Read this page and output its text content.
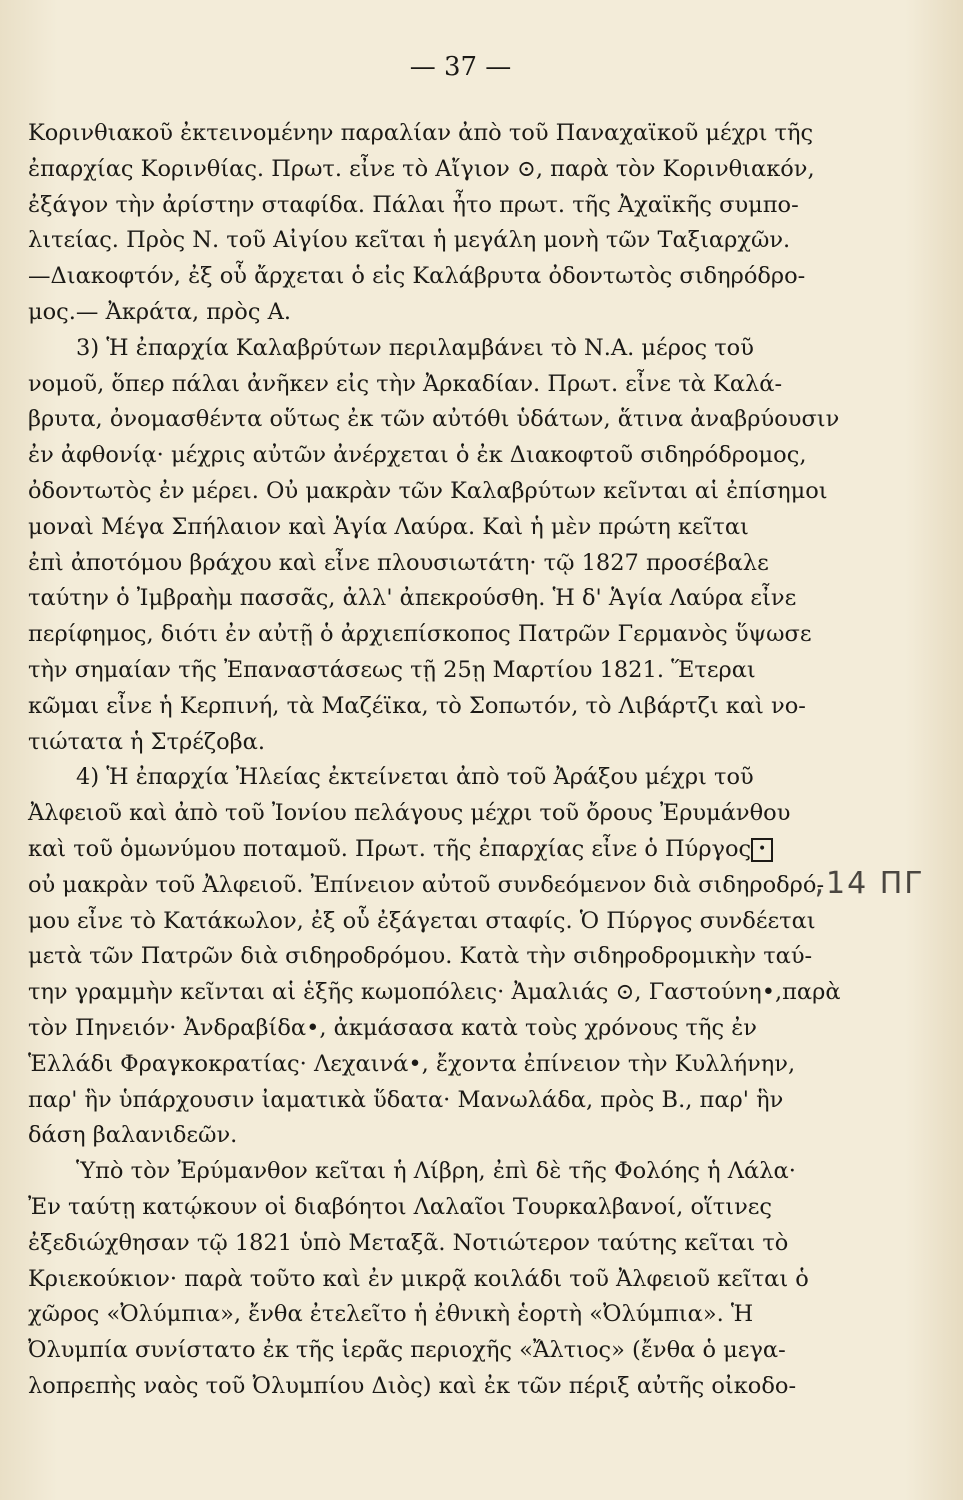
— 37 —
Κορινθιακοῦ ἐκτεινομένην παραλίαν ἀπὸ τοῦ Παναχαϊκοῦ μέχρι τῆς
ἐπαρχίας Κορινθίας. Πρωτ. εἶνε τὸ Αἴγιον ⊙, παρὰ τὸν Κορινθιακόν,
ἐξάγον τὴν ἀρίστην σταφίδα. Πάλαι ἦτο πρωτ. τῆς Ἀχαϊκῆς συμπο-
λιτείας. Πρὸς Ν. τοῦ Αἰγίου κεῖται ἡ μεγάλη μονὴ τῶν Ταξιαρχῶν.
—Διακοφτόν, ἐξ οὗ ἄρχεται ὁ εἰς Καλάβρυτα ὀδοντωτὸς σιδηρόδρο-
μος.— Ἀκράτα, πρὸς Α.
3) Ἡ ἐπαρχία Καλαβρύτων περιλαμβάνει τὸ Ν.Α. μέρος τοῦ
νομοῦ, ὅπερ πάλαι ἀνῆκεν εἰς τὴν Ἀρκαδίαν. Πρωτ. εἶνε τὰ Καλά-
βρυτα, ὀνομασθέντα οὕτως ἐκ τῶν αὐτόθι ὑδάτων, ἅτινα ἀναβρύουσιν
ἐν ἀφθονίᾳ· μέχρις αὐτῶν ἀνέρχεται ὁ ἐκ Διακοφτοῦ σιδηρόδρομος,
ὀδοντωτὸς ἐν μέρει. Οὐ μακρὰν τῶν Καλαβρύτων κεῖνται αἱ ἐπίσημοι
μοναὶ Μέγα Σπήλαιον καὶ Ἁγία Λαύρα. Καὶ ἡ μὲν πρώτη κεῖται
ἐπὶ ἀποτόμου βράχου καὶ εἶνε πλουσιωτάτη· τῷ 1827 προσέβαλε
ταύτην ὁ Ἰμβραὴμ πασσᾶς, ἀλλ' ἀπεκρούσθη. Ἡ δ' Ἁγία Λαύρα εἶνε
περίφημος, διότι ἐν αὐτῇ ὁ ἀρχιεπίσκοπος Πατρῶν Γερμανὸς ὕψωσε
τὴν σημαίαν τῆς Ἐπαναστάσεως τῇ 25ῃ Μαρτίου 1821. Ἕτεραι
κῶμαι εἶνε ἡ Κερπινή, τὰ Μαζέϊκα, τὸ Σοπωτόν, τὸ Λιβάρτζι καὶ νο-
τιώτατα ἡ Στρέζοβα.
4) Ἡ ἐπαρχία Ἠλείας ἐκτείνεται ἀπὸ τοῦ Ἀράξου μέχρι τοῦ
Ἀλφειοῦ καὶ ἀπὸ τοῦ Ἰονίου πελάγους μέχρι τοῦ ὄρους Ἐρυμάνθου
καὶ τοῦ ὁμωνύμου ποταμοῦ. Πρωτ. τῆς ἐπαρχίας εἶνε ὁ Πύργος •
οὐ μακρὰν τοῦ Ἀλφειοῦ. Ἐπίνειον αὐτοῦ συνδεόμενον διὰ σιδηροδρό-
μου εἶνε τὸ Κατάκωλον, ἐξ οὗ ἐξάγεται σταφίς. Ὁ Πύργος συνδέεται
μετὰ τῶν Πατρῶν διὰ σιδηροδρόμου. Κατὰ τὴν σιδηροδρομικὴν ταύ-
την γραμμὴν κεῖνται αἱ ἑξῆς κωμοπόλεις· Ἀμαλιάς ⊙, Γαστούνη•,παρὰ
τὸν Πηνειόν· Ἀνδραβίδα•, ἀκμάσασα κατὰ τοὺς χρόνους τῆς ἐν
Ἑλλάδι Φραγκοκρατίας· Λεχαινά•, ἔχοντα ἐπίνειον τὴν Κυλλήνην,
παρ' ἣν ὑπάρχουσιν ἰαματικὰ ὕδατα· Μανωλάδα, πρὸς Β., παρ' ἣν
δάση βαλανιδεῶν.
Ὑπὸ τὸν Ἐρύμανθον κεῖται ἡ Λίβρη, ἐπὶ δὲ τῆς Φολόης ἡ Λάλα·
Ἐν ταύτῃ κατῴκουν οἱ διαβόητοι Λαλαῖοι Τουρκαλβανοί, οἵτινες
ἐξεδιώχθησαν τῷ 1821 ὑπὸ Μεταξᾶ. Νοτιώτερον ταύτης κεῖται τὸ
Κριεκούκιον· παρὰ τοῦτο καὶ ἐν μικρᾷ κοιλάδι τοῦ Ἀλφειοῦ κεῖται ὁ
χῶρος «Ὀλύμπια», ἔνθα ἐτελεῖτο ἡ ἐθνικὴ ἑορτὴ «Ὀλύμπια». Ἡ
Ὀλυμπία συνίστατο ἐκ τῆς ἱερᾶς περιοχῆς «Ἄλτιος» (ἔνθα ὁ μεγα-
λοπρεπὴς ναὸς τοῦ Ὀλυμπίου Διὸς) καὶ ἐκ τῶν πέριξ αὐτῆς οἰκοδο-
,14 ΠΓ
